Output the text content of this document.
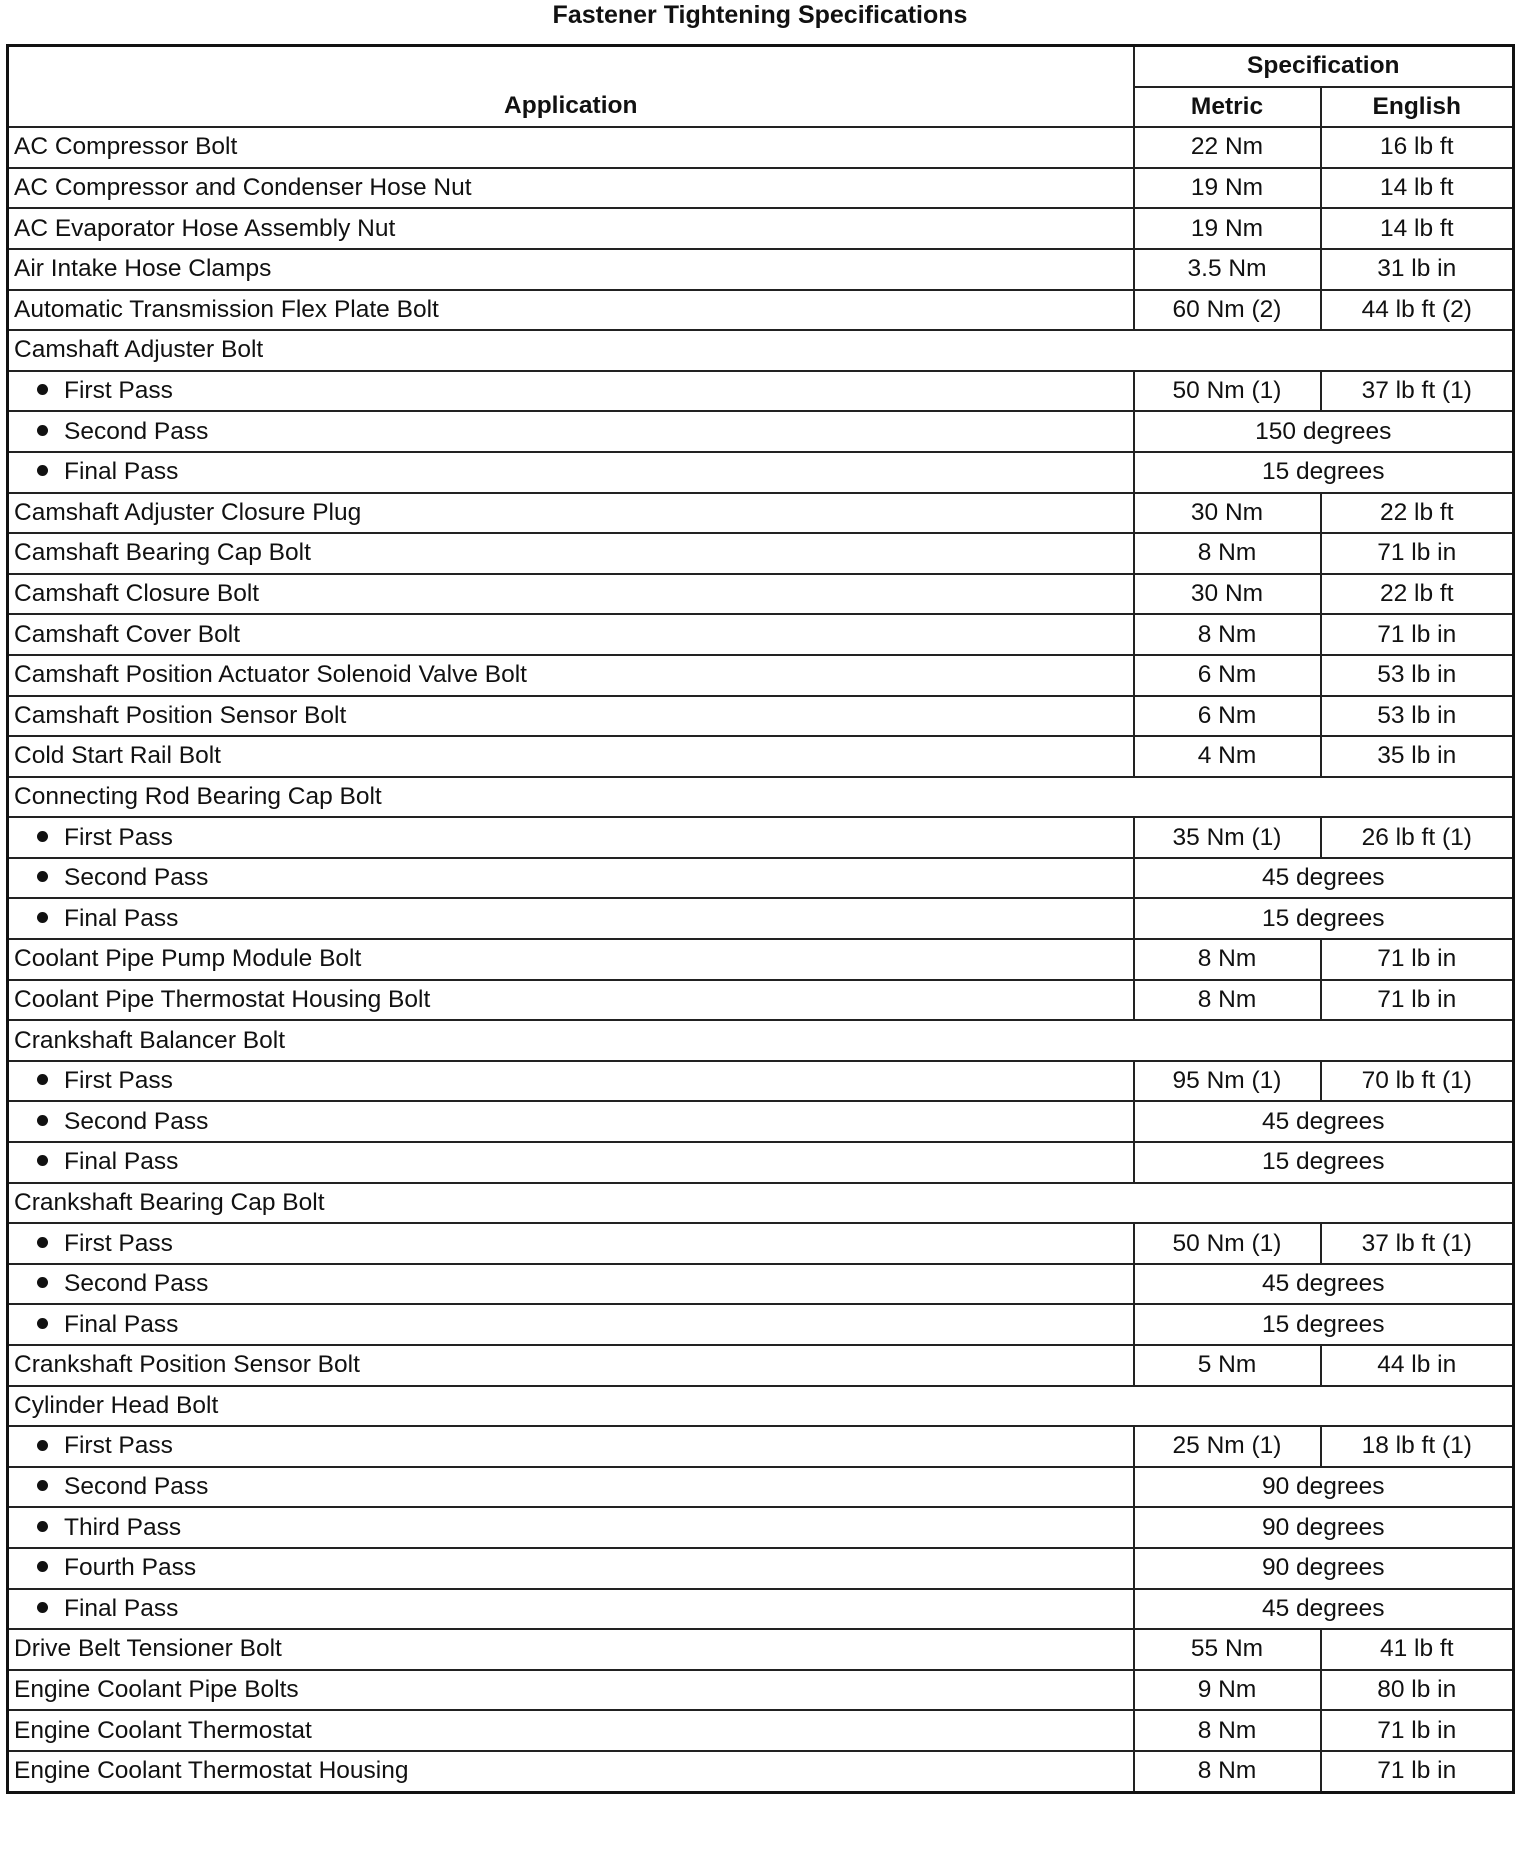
Fastener Tightening Specifications
Application	Specification	
	Metric	English
AC Compressor Bolt	22 Nm	16 lb ft
AC Compressor and Condenser Hose Nut	19 Nm	14 lb ft
AC Evaporator Hose Assembly Nut	19 Nm	14 lb ft
Air Intake Hose Clamps	3.5 Nm	31 lb in
Automatic Transmission Flex Plate Bolt	60 Nm (2)	44 lb ft (2)
Camshaft Adjuster Bolt		
First Pass	50 Nm (1)	37 lb ft (1)
Second Pass	150 degrees	
Final Pass	15 degrees	
Camshaft Adjuster Closure Plug	30 Nm	22 lb ft
Camshaft Bearing Cap Bolt	8 Nm	71 lb in
Camshaft Closure Bolt	30 Nm	22 lb ft
Camshaft Cover Bolt	8 Nm	71 lb in
Camshaft Position Actuator Solenoid Valve Bolt	6 Nm	53 lb in
Camshaft Position Sensor Bolt	6 Nm	53 lb in
Cold Start Rail Bolt	4 Nm	35 lb in
Connecting Rod Bearing Cap Bolt		
First Pass	35 Nm (1)	26 lb ft (1)
Second Pass	45 degrees	
Final Pass	15 degrees	
Coolant Pipe Pump Module Bolt	8 Nm	71 lb in
Coolant Pipe Thermostat Housing Bolt	8 Nm	71 lb in
Crankshaft Balancer Bolt		
First Pass	95 Nm (1)	70 lb ft (1)
Second Pass	45 degrees	
Final Pass	15 degrees	
Crankshaft Bearing Cap Bolt		
First Pass	50 Nm (1)	37 lb ft (1)
Second Pass	45 degrees	
Final Pass	15 degrees	
Crankshaft Position Sensor Bolt	5 Nm	44 lb in
Cylinder Head Bolt		
First Pass	25 Nm (1)	18 lb ft (1)
Second Pass	90 degrees	
Third Pass	90 degrees	
Fourth Pass	90 degrees	
Final Pass	45 degrees	
Drive Belt Tensioner Bolt	55 Nm	41 lb ft
Engine Coolant Pipe Bolts	9 Nm	80 lb in
Engine Coolant Thermostat	8 Nm	71 lb in
Engine Coolant Thermostat Housing	8 Nm	71 lb in
